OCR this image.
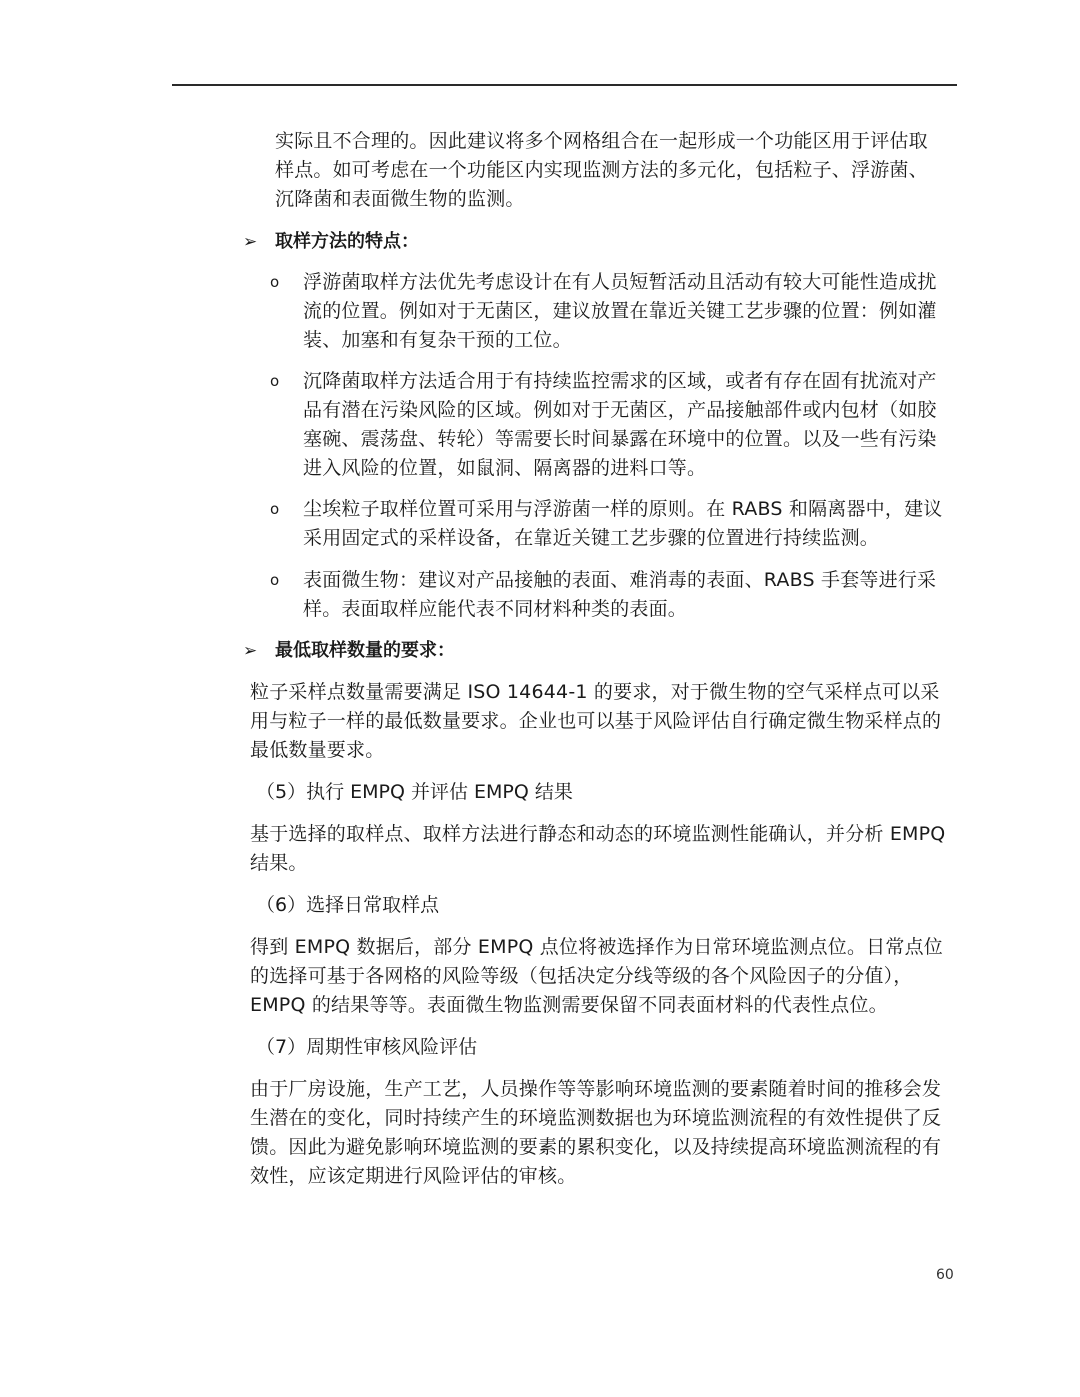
实际且不合理的。因此建议将多个网格组合在一起形成一个功能区用于评估取样点。如可考虑在一个功能区内实现监测方法的多元化，包括粒子、浮游菌、沉降菌和表面微生物的监测。

➢ 取样方法的特点：
o	浮游菌取样方法优先考虑设计在有人员短暂活动且活动有较大可能性造成扰流的位置。例如对于无菌区，建议放置在靠近关键工艺步骤的位置：例如灌装、加塞和有复杂干预的工位。

o	沉降菌取样方法适合用于有持续监控需求的区域，或者有存在固有扰流对产品有潜在污染风险的区域。例如对于无菌区，产品接触部件或内包材（如胶塞碗、震荡盘、转轮）等需要长时间暴露在环境中的位置。以及一些有污染进入风险的位置，如鼠洞、隔离器的进料口等。

o	尘埃粒子取样位置可采用与浮游菌一样的原则。在 RABS 和隔离器中，建议采用固定式的采样设备，在靠近关键工艺步骤的位置进行持续监测。

o	表面微生物：建议对产品接触的表面、难消毒的表面、RABS 手套等进行采样。表面取样应能代表不同材料种类的表面。

➢ 最低取样数量的要求：

粒子采样点数量需要满足 ISO 14644-1 的要求，对于微生物的空气采样点可以采用与粒子一样的最低数量要求。企业也可以基于风险评估自行确定微生物采样点的最低数量要求。

（5）执行 EMPQ 并评估 EMPQ 结果

基于选择的取样点、取样方法进行静态和动态的环境监测性能确认，并分析 EMPQ 结果。

（6）选择日常取样点

得到 EMPQ 数据后，部分 EMPQ 点位将被选择作为日常环境监测点位。日常点位的选择可基于各网格的风险等级（包括决定分线等级的各个风险因子的分值），EMPQ 的结果等等。表面微生物监测需要保留不同表面材料的代表性点位。

（7）周期性审核风险评估

由于厂房设施，生产工艺，人员操作等等影响环境监测的要素随着时间的推移会发生潜在的变化，同时持续产生的环境监测数据也为环境监测流程的有效性提供了反馈。因此为避免影响环境监测的要素的累积变化，以及持续提高环境监测流程的有效性，应该定期进行风险评估的审核。

60
